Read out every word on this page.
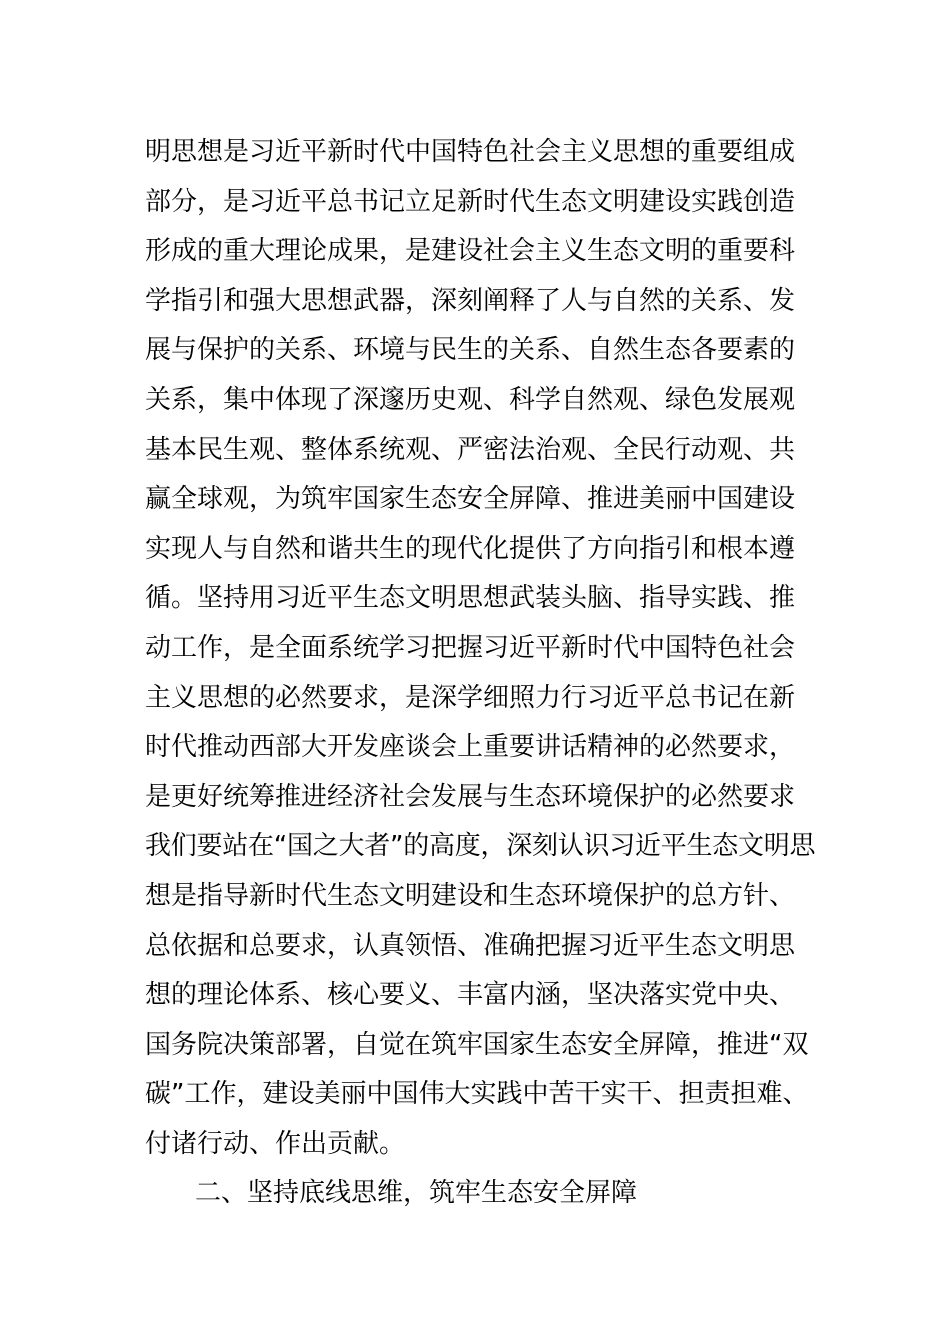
明思想是习近平新时代中国特色社会主义思想的重要组成
部分，是习近平总书记立足新时代生态文明建设实践创造
形成的重大理论成果，是建设社会主义生态文明的重要科
学指引和强大思想武器，深刻阐释了人与自然的关系、发
展与保护的关系、环境与民生的关系、自然生态各要素的
关系，集中体现了深邃历史观、科学自然观、绿色发展观
基本民生观、整体系统观、严密法治观、全民行动观、共
赢全球观，为筑牢国家生态安全屏障、推进美丽中国建设
实现人与自然和谐共生的现代化提供了方向指引和根本遵
循。坚持用习近平生态文明思想武装头脑、指导实践、推
动工作，是全面系统学习把握习近平新时代中国特色社会
主义思想的必然要求，是深学细照力行习近平总书记在新
时代推动西部大开发座谈会上重要讲话精神的必然要求，
是更好统筹推进经济社会发展与生态环境保护的必然要求
我们要站在“国之大者”的高度，深刻认识习近平生态文明思
想是指导新时代生态文明建设和生态环境保护的总方针、
总依据和总要求，认真领悟、准确把握习近平生态文明思
想的理论体系、核心要义、丰富内涵，坚决落实党中央、
国务院决策部署，自觉在筑牢国家生态安全屏障，推进“双
碳”工作，建设美丽中国伟大实践中苦干实干、担责担难、
付诸行动、作出贡献。
二、坚持底线思维，筑牢生态安全屏障
